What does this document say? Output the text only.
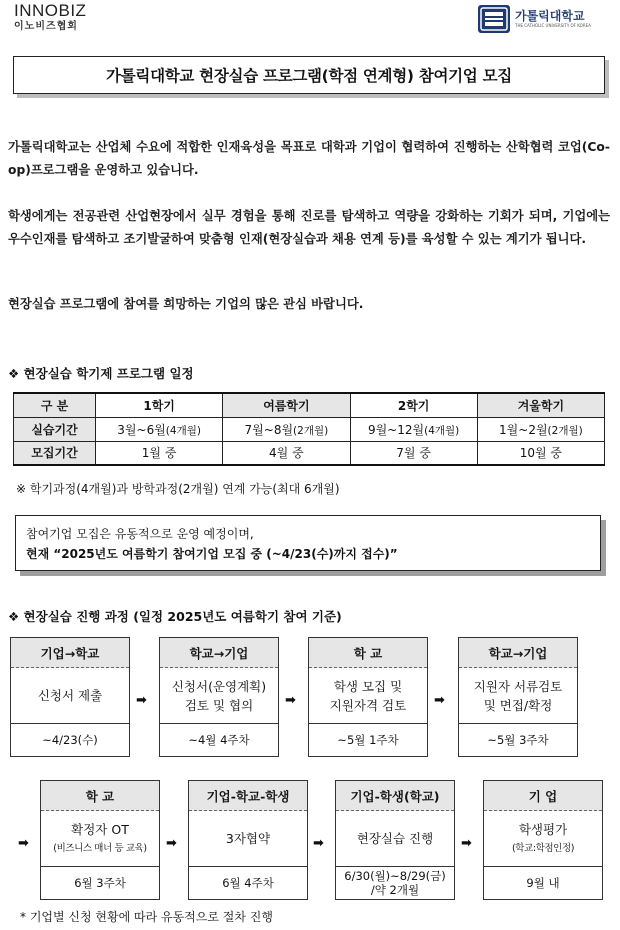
INNOBIZ
이노비즈협회
가톨릭대학교
THE CATHOLIC UNIVERSITY OF KOREA
가톨릭대학교 현장실습 프로그램(학점 연계형) 참여기업 모집

가톨릭대학교는 산업체 수요에 적합한 인재육성을 목표로 대학과 기업이 협력하여 진행하는 산학협력 코업(Co-op)프로그램을 운영하고 있습니다.

학생에게는 전공관련 산업현장에서 실무 경험을 통해 진로를 탐색하고 역량을 강화하는 기회가 되며, 기업에는 우수인재를 탐색하고 조기발굴하여 맞춤형 인재(현장실습과 채용 연계 등)를 육성할 수 있는 계기가 됩니다.

현장실습 프로그램에 참여를 희망하는 기업의 많은 관심 바랍니다.

❖ 현장실습 학기제 프로그램 일정
구 분	1학기	여름학기	2학기	겨울학기
실습기간	3월~6월(4개월)	7월~8월(2개월)	9월~12월(4개월)	1월~2월(2개월)
모집기간	1월 중	4월 중	7월 중	10월 중
※ 학기과정(4개월)과 방학과정(2개월) 연계 가능(최대 6개월)
참여기업 모집은 유동적으로 운영 예정이며,
현재 “2025년도 여름학기 참여기업 모집 중 (~4/23(수)까지 접수)”
❖ 현장실습 진행 과정 (일정 2025년도 여름학기 참여 기준)
기업→학교
신청서 제출
~4/23(수)
➡
학교→기업
신청서(운영계획)
검토 및 협의
~4월 4주차
➡
학 교
학생 모집 및
지원자격 검토
~5월 1주차
➡
학교→기업
지원자 서류검토
및 면접/확정
~5월 3주차
➡
학 교
확정자 OT
(비즈니스 매너 등 교육)
6월 3주차
➡
기업-학교-학생
3자협약
6월 4주차
➡
기업-학생(학교)
현장실습 진행
6/30(월)~8/29(금)
/약 2개월
➡
기 업
학생평가
(학교:학점인정)
9월 내
* 기업별 신청 현황에 따라 유동적으로 절차 진행
